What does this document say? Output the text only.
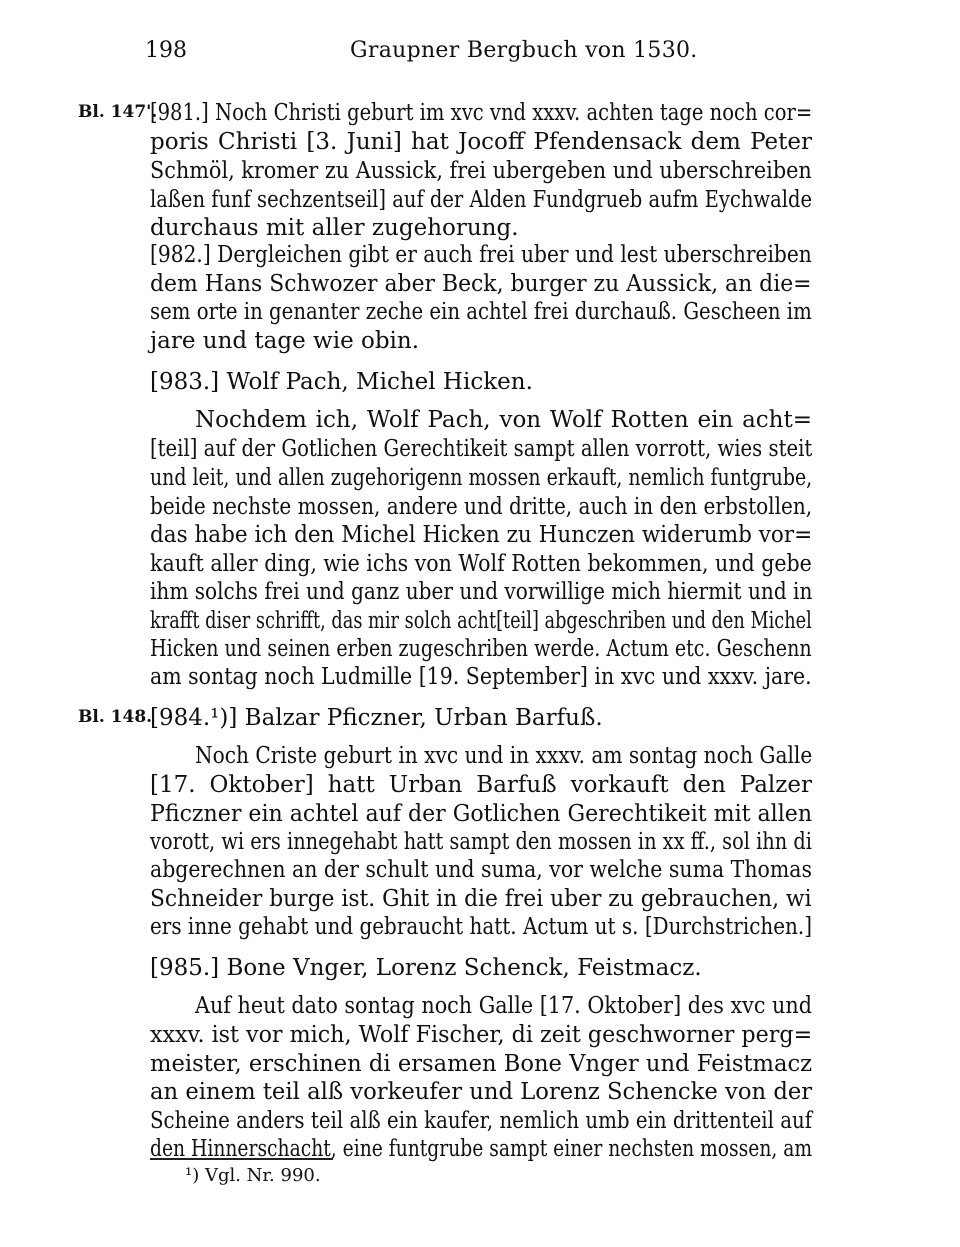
198	Graupner Bergbuch von 1530.
Bl. 147'.
Bl. 148.
[981.] Noch Christi geburt im xvc vnd xxxv. achten tage noch cor=
poris Christi [3. Juni] hat Jocoff Pfendensack dem Peter
Schmöl, kromer zu Aussick, frei ubergeben und uberschreiben
laßen funf sechzentseil] auf der Alden Fundgrueb aufm Eychwalde
durchaus mit aller zugehorung.
[982.] Dergleichen gibt er auch frei uber und lest uberschreiben
dem Hans Schwozer aber Beck, burger zu Aussick, an die=
sem orte in genanter zeche ein achtel frei durchauß. Gescheen im
jare und tage wie obin.
[983.] Wolf Pach, Michel Hicken.
Nochdem ich, Wolf Pach, von Wolf Rotten ein acht=
[teil] auf der Gotlichen Gerechtikeit sampt allen vorrott, wies steit
und leit, und allen zugehorigenn mossen erkauft, nemlich funtgrube,
beide nechste mossen, andere und dritte, auch in den erbstollen,
das habe ich den Michel Hicken zu Hunczen widerumb vor=
kauft aller ding, wie ichs von Wolf Rotten bekommen, und gebe
ihm solchs frei und ganz uber und vorwillige mich hiermit und in
krafft diser schrifft, das mir solch acht[teil] abgeschriben und den Michel
Hicken und seinen erben zugeschriben werde. Actum etc. Geschenn
am sontag noch Ludmille [19. September] in xvc und xxxv. jare.
[984.¹)] Balzar Pficzner, Urban Barfuß.
Noch Criste geburt in xvc und in xxxv. am sontag noch Galle
[17. Oktober] hatt Urban Barfuß vorkauft den Palzer
Pficzner ein achtel auf der Gotlichen Gerechtikeit mit allen
vorott, wi ers innegehabt hatt sampt den mossen in xx ff., sol ihn di
abgerechnen an der schult und suma, vor welche suma Thomas
Schneider burge ist. Ghit in die frei uber zu gebrauchen, wi
ers inne gehabt und gebraucht hatt. Actum ut s. [Durchstrichen.]
[985.] Bone Vnger, Lorenz Schenck, Feistmacz.
Auf heut dato sontag noch Galle [17. Oktober] des xvc und
xxxv. ist vor mich, Wolf Fischer, di zeit geschworner perg=
meister, erschinen di ersamen Bone Vnger und Feistmacz
an einem teil alß vorkeufer und Lorenz Schencke von der
Scheine anders teil alß ein kaufer, nemlich umb ein drittenteil auf
den Hinnerschacht, eine funtgrube sampt einer nechsten mossen, am
¹) Vgl. Nr. 990.
